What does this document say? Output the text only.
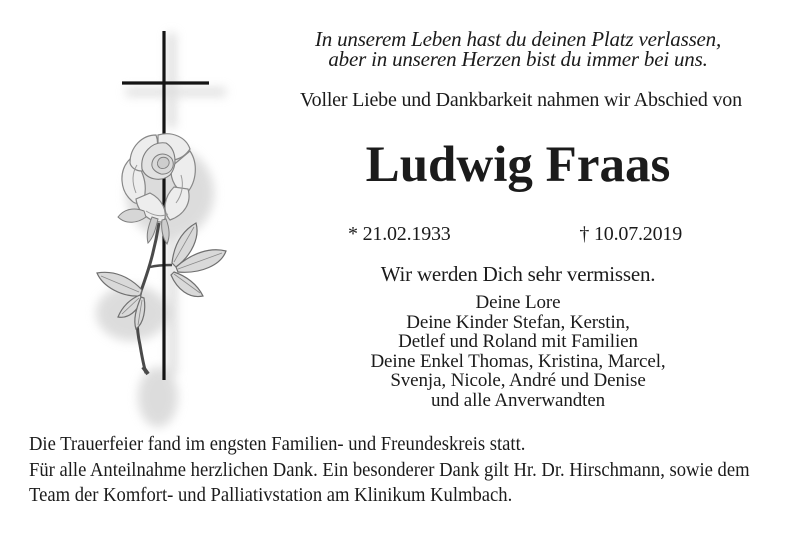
In unserem Leben hast du deinen Platz verlassen,
aber in unseren Herzen bist du immer bei uns.
Voller Liebe und Dankbarkeit nahmen wir Abschied von
Ludwig Fraas
* 21.02.1933	† 10.07.2019
Wir werden Dich sehr vermissen.
Deine Lore
Deine Kinder Stefan, Kerstin,
Detlef und Roland mit Familien
Deine Enkel Thomas, Kristina, Marcel,
Svenja, Nicole, André und Denise
und alle Anverwandten
Die Trauerfeier fand im engsten Familien- und Freundeskreis statt.
Für alle Anteilnahme herzlichen Dank. Ein besonderer Dank gilt Hr. Dr. Hirschmann, sowie dem
Team der Komfort- und Palliativstation am Klinikum Kulmbach.
